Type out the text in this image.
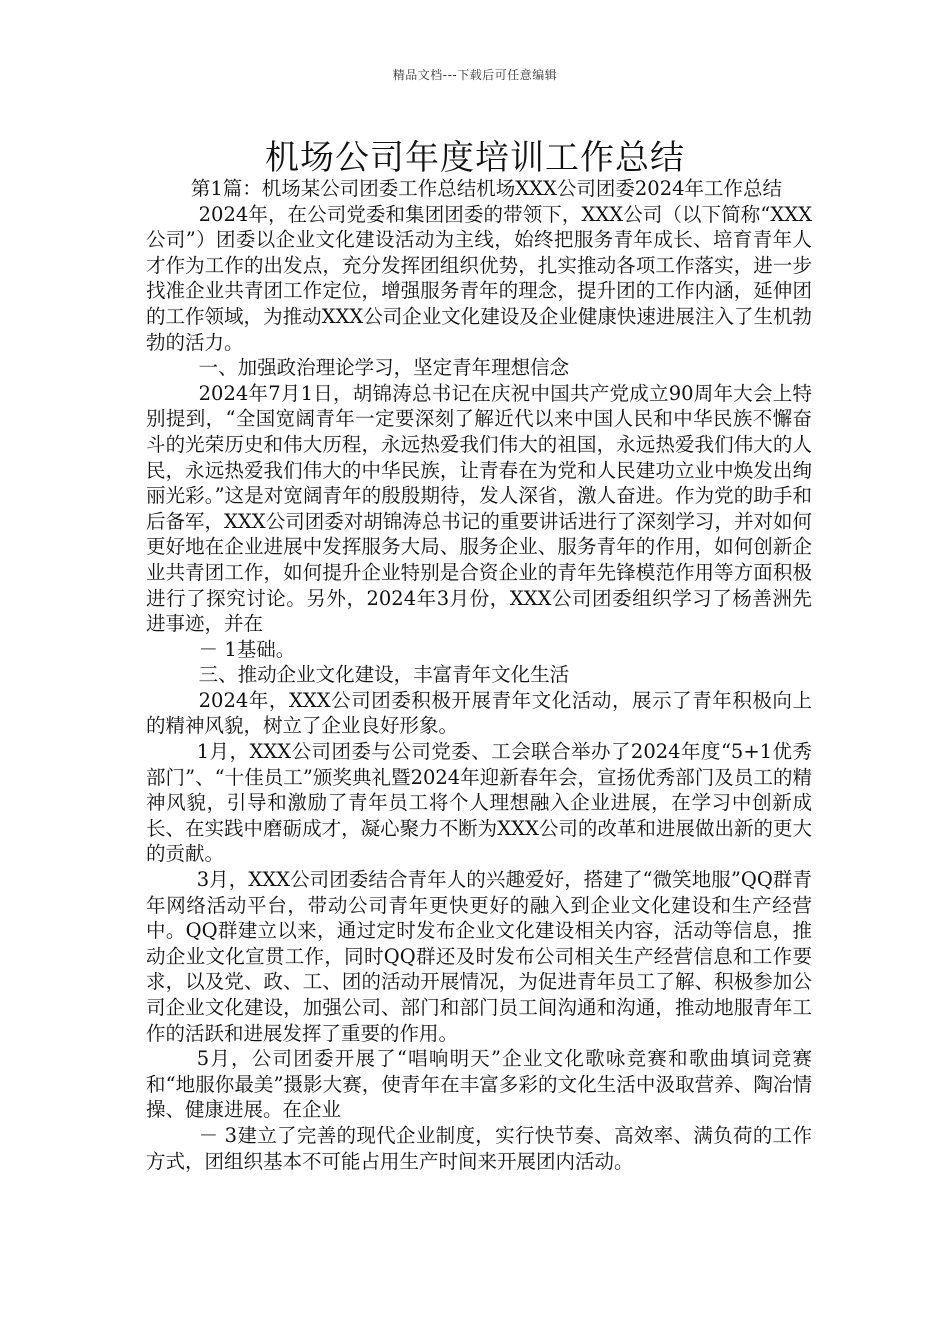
精品文档---下载后可任意编辑
机场公司年度培训工作总结

第1篇：机场某公司团委工作总结机场XXX公司团委2024年工作总结

2024年，在公司党委和集团团委的带领下，XXX公司（以下简称“XXX公司”）团委以企业文化建设活动为主线，始终把服务青年成长、培育青年人才作为工作的出发点，充分发挥团组织优势，扎实推动各项工作落实，进一步找准企业共青团工作定位，增强服务青年的理念，提升团的工作内涵，延伸团的工作领域，为推动XXX公司企业文化建设及企业健康快速进展注入了生机勃勃的活力。

一、加强政治理论学习，坚定青年理想信念

2024年7月1日，胡锦涛总书记在庆祝中国共产党成立90周年大会上特别提到，“全国宽阔青年一定要深刻了解近代以来中国人民和中华民族不懈奋斗的光荣历史和伟大历程，永远热爱我们伟大的祖国，永远热爱我们伟大的人民，永远热爱我们伟大的中华民族，让青春在为党和人民建功立业中焕发出绚丽光彩。”这是对宽阔青年的殷殷期待，发人深省，激人奋进。作为党的助手和后备军，XXX公司团委对胡锦涛总书记的重要讲话进行了深刻学习，并对如何更好地在企业进展中发挥服务大局、服务企业、服务青年的作用，如何创新企业共青团工作，如何提升企业特别是合资企业的青年先锋模范作用等方面积极进行了探究讨论。另外，2024年3月份，XXX公司团委组织学习了杨善洲先进事迹，并在

－ 1基础。

三、推动企业文化建设，丰富青年文化生活

2024年，XXX公司团委积极开展青年文化活动，展示了青年积极向上的精神风貌，树立了企业良好形象。

1月，XXX公司团委与公司党委、工会联合举办了2024年度“5+1优秀部门”、“十佳员工”颁奖典礼暨2024年迎新春年会，宣扬优秀部门及员工的精神风貌，引导和激励了青年员工将个人理想融入企业进展，在学习中创新成长、在实践中磨砺成才，凝心聚力不断为XXX公司的改革和进展做出新的更大的贡献。

3月，XXX公司团委结合青年人的兴趣爱好，搭建了“微笑地服”QQ群青年网络活动平台，带动公司青年更快更好的融入到企业文化建设和生产经营中。QQ群建立以来，通过定时发布企业文化建设相关内容，活动等信息，推动企业文化宣贯工作，同时QQ群还及时发布公司相关生产经营信息和工作要求，以及党、政、工、团的活动开展情况，为促进青年员工了解、积极参加公司企业文化建设，加强公司、部门和部门员工间沟通和沟通，推动地服青年工作的活跃和进展发挥了重要的作用。

5月，公司团委开展了“唱响明天”企业文化歌咏竞赛和歌曲填词竞赛和“地服你最美”摄影大赛，使青年在丰富多彩的文化生活中汲取营养、陶冶情操、健康进展。在企业

－ 3建立了完善的现代企业制度，实行快节奏、高效率、满负荷的工作方式，团组织基本不可能占用生产时间来开展团内活动。
